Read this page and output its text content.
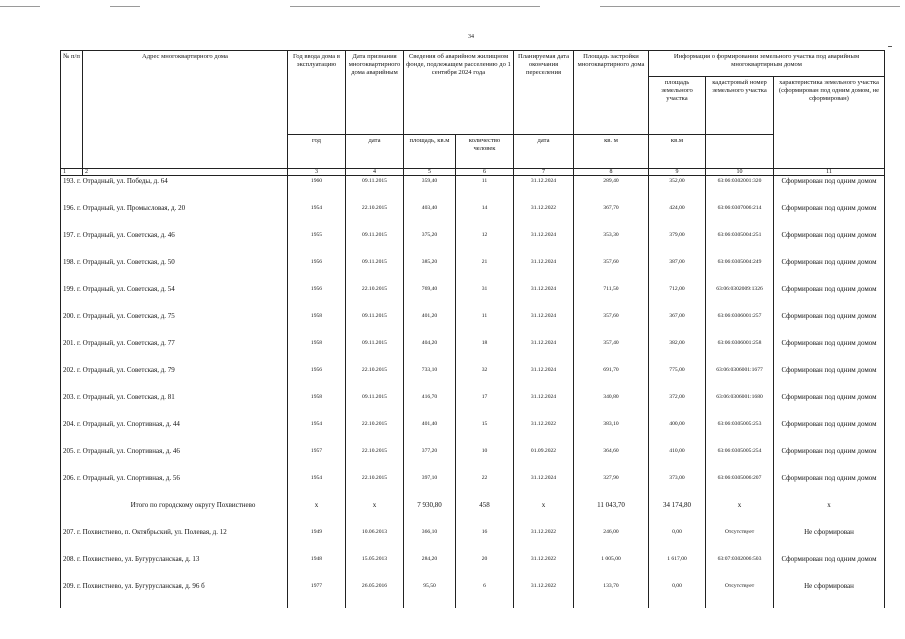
34
№ п/п	Адрес многоквартирного дома	Год ввода дома в эксплуатацию	Дата признания многоквартирного дома аварийным	Сведения об аварийном жилищном фонде, подлежащем расселению до 1 сентября 2024 года		Планируемая дата окончания переселения	Площадь застройки многоквартирного дома	Информация о формировании земельного участка под аварийным многоквартирным домом		
								площадь земельного участка	кадастровый номер земельного участка	характеристика земельного участка (сформирован под одним домом, не сформирован)
		год	дата	площадь, кв.м	количество человек	дата	кв. м	кв.м		
1	2	3	4	5	6	7	8	9	10	11
193. г. Отрадный, ул. Победы, д. 64		1960	09.11.2015	359,40	11	31.12.2024	289,40	352,00	63:06:0302001:320	Сформирован под одним домом
196. г. Отрадный, ул. Промысловая, д. 20		1954	22.10.2015	403,40	14	31.12.2022	367,70	424,00	63:06:0307006:214	Сформирован под одним домом
197. г. Отрадный, ул. Советская, д. 46		1955	09.11.2015	375,20	12	31.12.2024	353,30	379,00	63:06:0305004:251	Сформирован под одним домом
198. г. Отрадный, ул. Советская, д. 50		1956	09.11.2015	385,20	21	31.12.2024	357,60	387,00	63:06:0305004:249	Сформирован под одним домом
199. г. Отрадный, ул. Советская, д. 54		1956	22.10.2015	769,40	31	31.12.2024	711,50	712,00	63:06:0302009:1326	Сформирован под одним домом
200. г. Отрадный, ул. Советская, д. 75		1958	09.11.2015	401,20	11	31.12.2024	357,60	367,00	63:06:0306001:257	Сформирован под одним домом
201. г. Отрадный, ул. Советская, д. 77		1958	09.11.2015	404,20	18	31.12.2024	357,40	382,00	63:06:0306001:258	Сформирован под одним домом
202. г. Отрадный, ул. Советская, д. 79		1956	22.10.2015	733,10	32	31.12.2024	691,70	775,00	63:06:0306001:1677	Сформирован под одним домом
203. г. Отрадный, ул. Советская, д. 81		1958	09.11.2015	416,70	17	31.12.2024	340,80	372,00	63:06:0306001:1680	Сформирован под одним домом
204. г. Отрадный, ул. Спортивная, д. 44		1954	22.10.2015	401,40	15	31.12.2022	383,10	400,00	63:06:0305005:253	Сформирован под одним домом
205. г. Отрадный, ул. Спортивная, д. 46		1957	22.10.2015	377,20	10	01.09.2022	364,60	410,00	63:06:0305005:254	Сформирован под одним домом
206. г. Отрадный, ул. Спортивная, д. 56		1954	22.10.2015	397,10	22	31.12.2024	327,90	373,00	63:06:0305006:207	Сформирован под одним домом
Итого по городскому округу Похвистнево		х	х	7 930,80	458	х	11 043,70	34 174,80	х	х
207. г. Похвистнево, п. Октябрьский, ул. Полевая, д. 12		1949	10.06.2013	366,10	16	31.12.2022	246,00	0,00	Отсутствует	Не сформирован
208. г. Похвистнево, ул. Бугурусланская, д. 13		1948	15.05.2013	284,20	20	31.12.2022	1 005,00	1 617,00	63:07:0302006:503	Сформирован под одним домом
209. г. Похвистнево, ул. Бугурусланская, д. 96 б		1977	26.05.2016	95,50	6	31.12.2022	133,70	0,00	Отсутствует	Не сформирован
